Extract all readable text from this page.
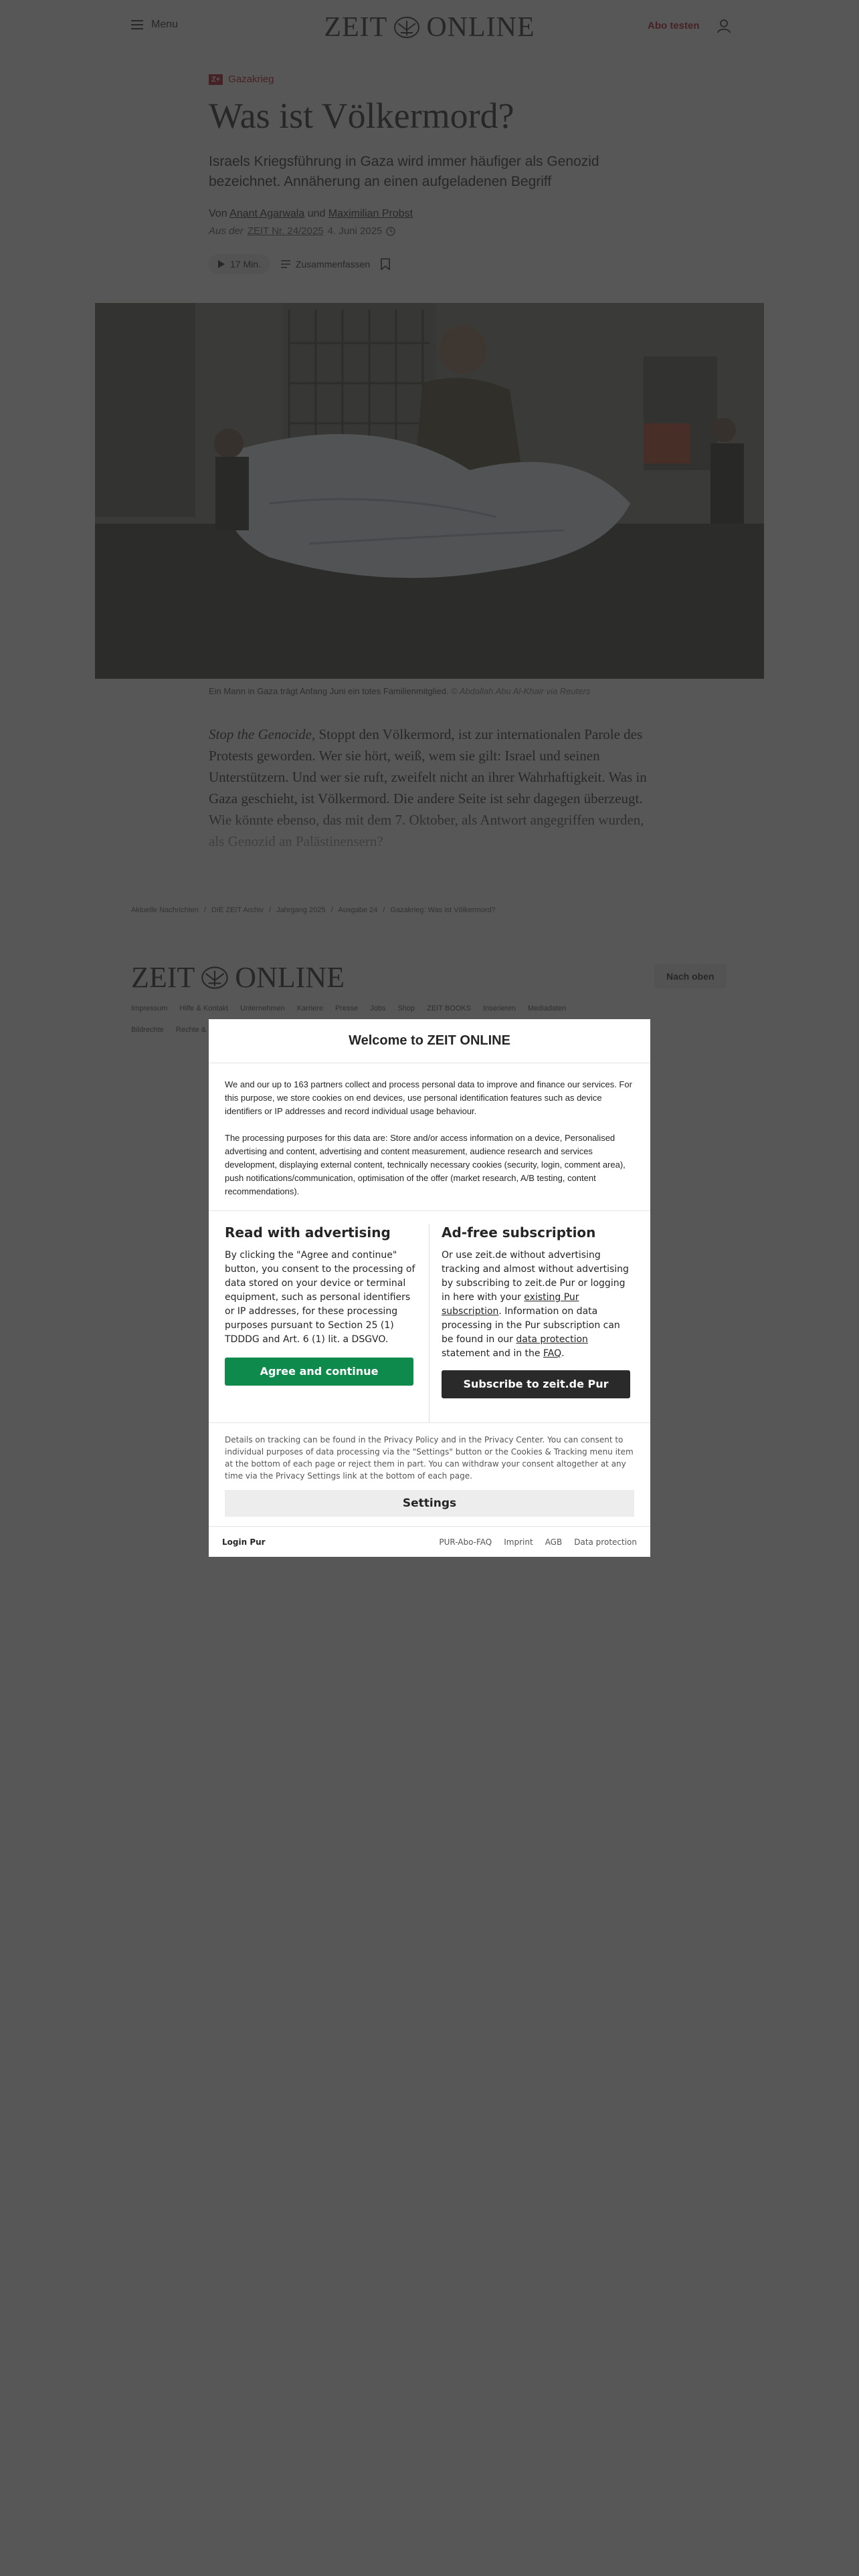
Welcome to ZEIT ONLINE

We and our up to 163 partners collect and process personal data to improve and finance our services. For this purpose, we store cookies on end devices, use personal identification features such as device identifiers or IP addresses and record individual usage behaviour.

The processing purposes for this data are: Store and/or access information on a device, Personalised advertising and content, advertising and content measurement, audience research and services development, displaying external content, technically necessary cookies (security, login, comment area), push notifications/communication, optimisation of the offer (market research, A/B testing, content recommendations).

Read with advertising

By clicking the "Agree and continue" button, you consent to the processing of data stored on your device or terminal equipment, such as personal identifiers or IP addresses, for these processing purposes pursuant to Section 25 (1) TDDDG and Art. 6 (1) lit. a DSGVO.

Agree and continue
Ad-free subscription

Or use zeit.de without advertising tracking and almost without advertising by subscribing to zeit.de Pur or logging in here with your existing Pur subscription. Information on data processing in the Pur subscription can be found in our data protection statement and in the FAQ.

Subscribe to zeit.de Pur

Details on tracking can be found in the Privacy Policy and in the Privacy Center. You can consent to individual purposes of data processing via the "Settings" button or the Cookies & Tracking menu item at the bottom of each page or reject them in part. You can withdraw your consent altogether at any time via the Privacy Settings link at the bottom of each page.

Settings
Login Pur	PUR-Abo-FAQ Imprint AGB Data protection
